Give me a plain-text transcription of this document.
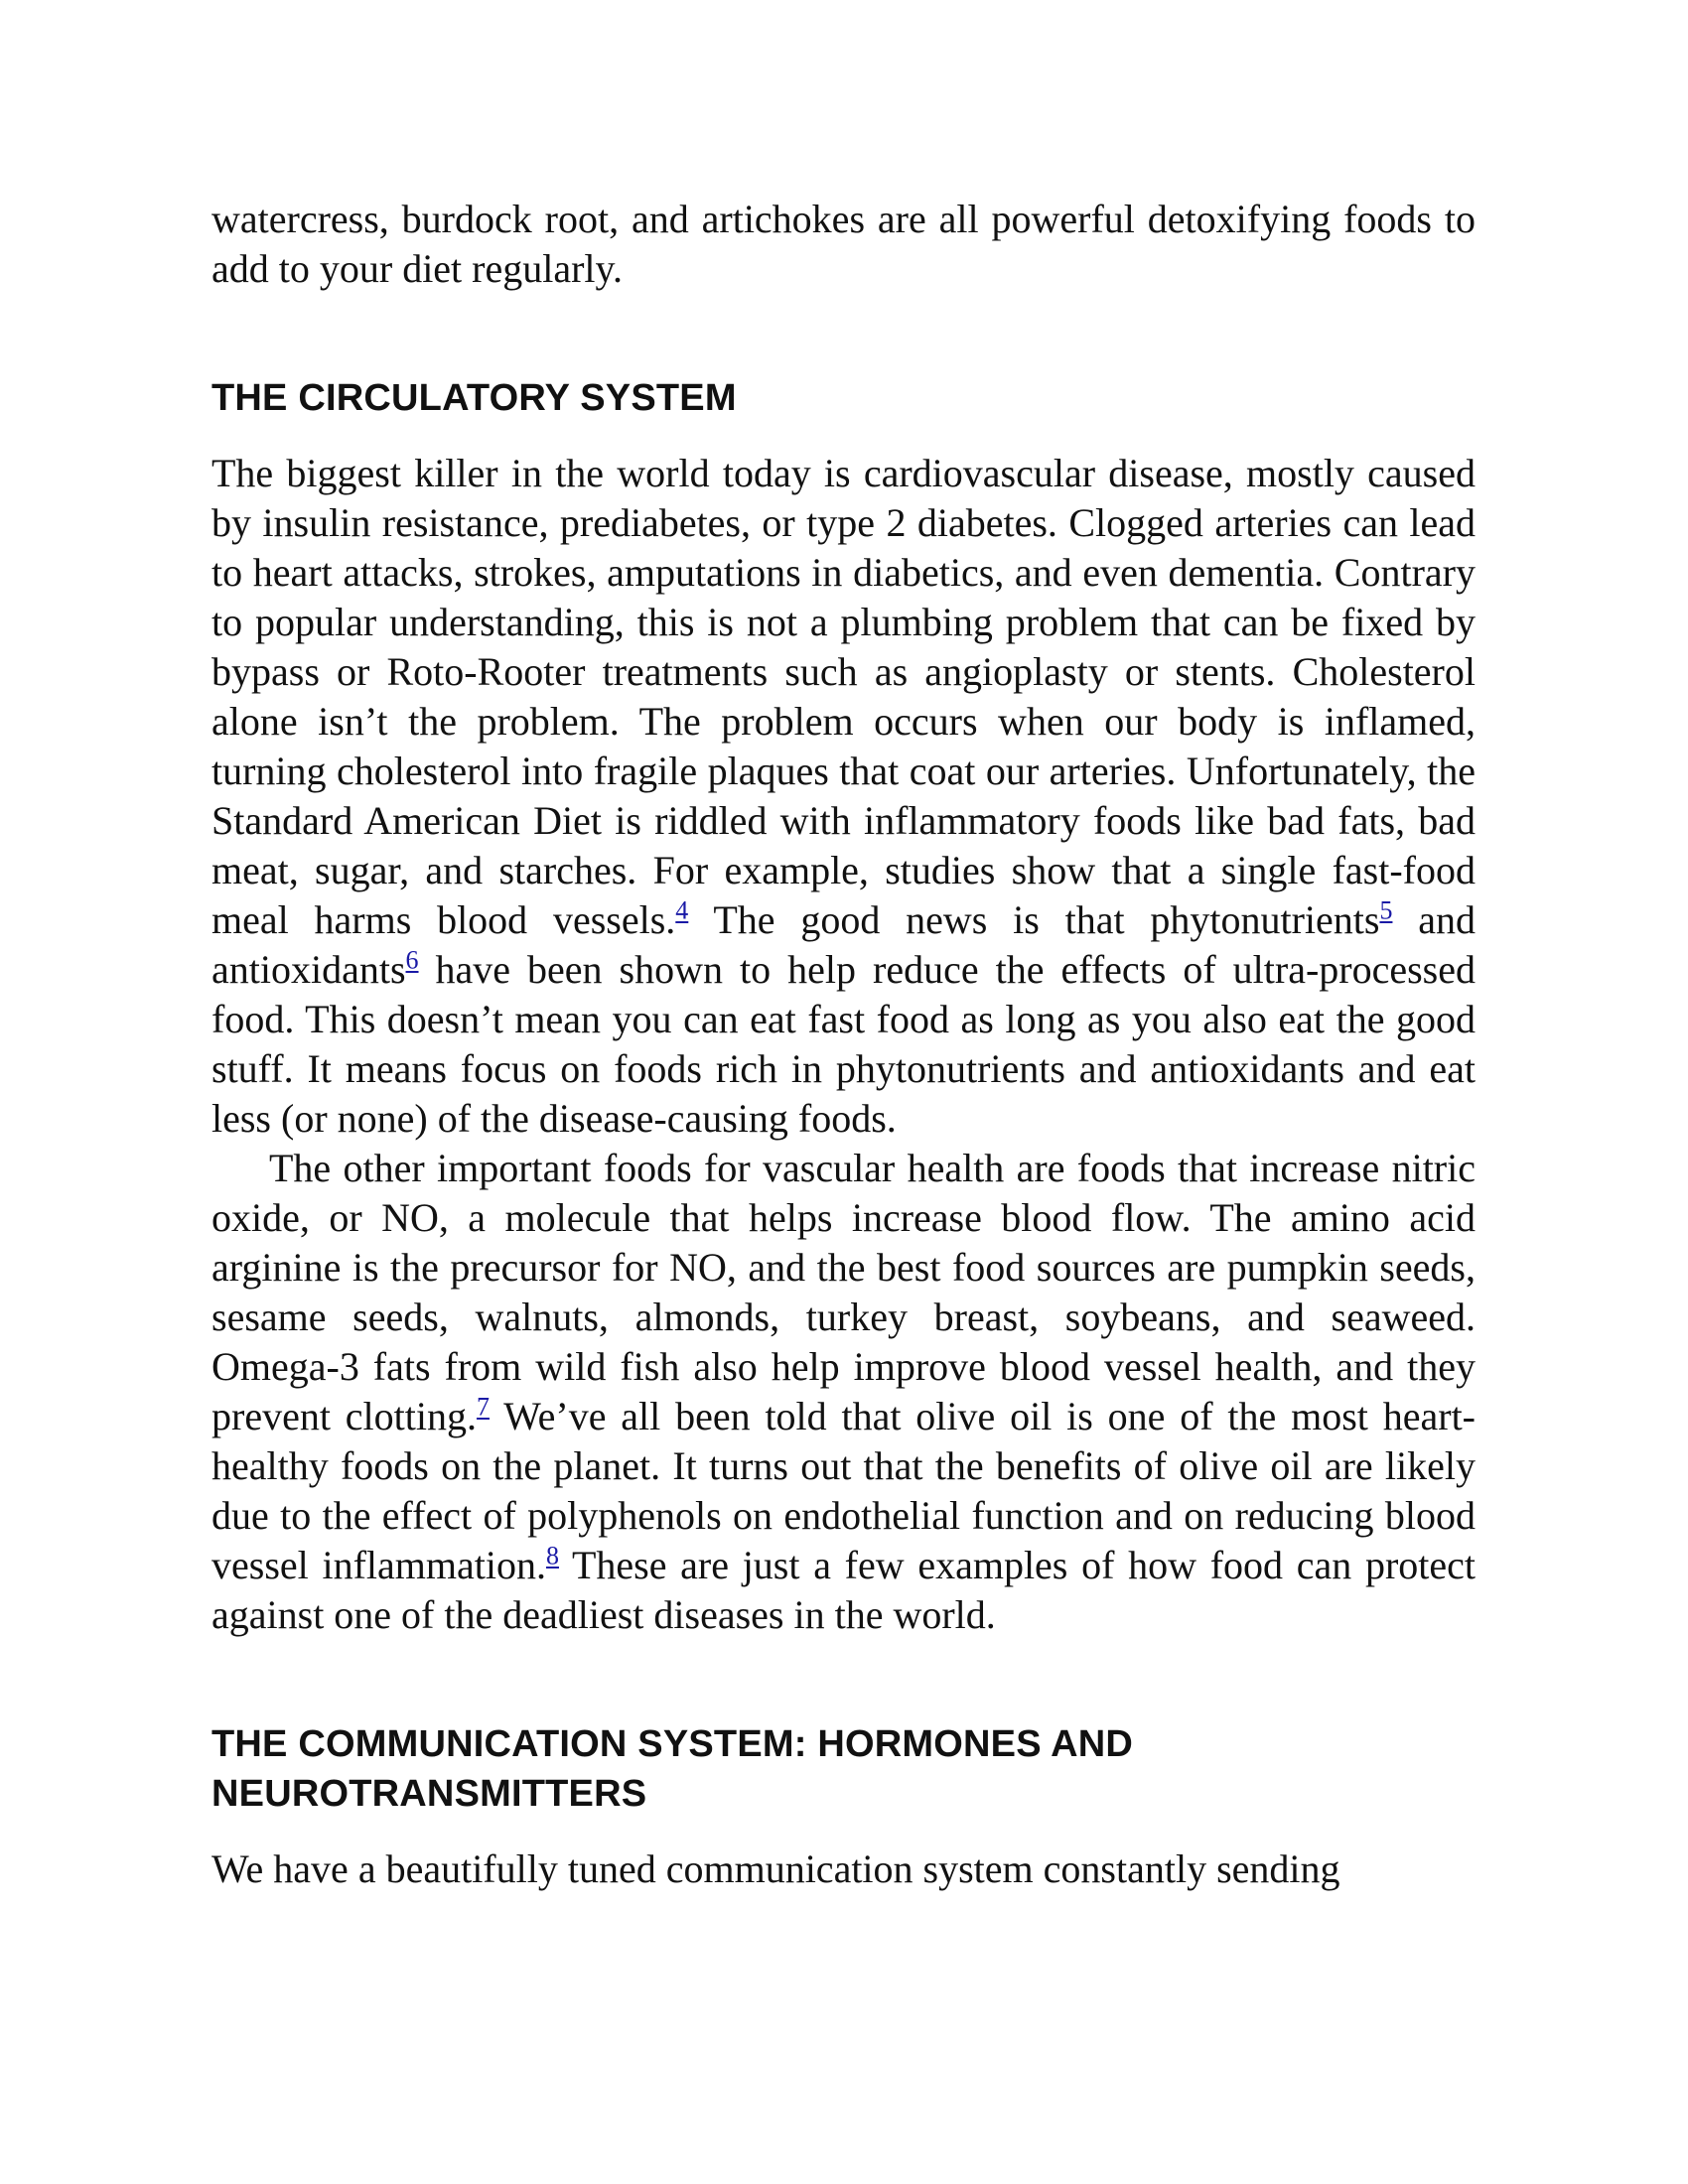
watercress, burdock root, and artichokes are all powerful detoxifying foods to add to your diet regularly.

THE CIRCULATORY SYSTEM

The biggest killer in the world today is cardiovascular disease, mostly caused by insulin resistance, prediabetes, or type 2 diabetes. Clogged arteries can lead to heart attacks, strokes, amputations in diabetics, and even dementia. Contrary to popular understanding, this is not a plumbing problem that can be fixed by bypass or Roto-Rooter treatments such as angioplasty or stents. Cholesterol alone isn’t the problem. The problem occurs when our body is inflamed, turning cholesterol into fragile plaques that coat our arteries. Unfortunately, the Standard American Diet is riddled with inflammatory foods like bad fats, bad meat, sugar, and starches. For example, studies show that a single fast-food meal harms blood vessels.$^4$ The good news is that phytonutrients$^5$ and antioxidants$^6$ have been shown to help reduce the effects of ultra-processed food. This doesn’t mean you can eat fast food as long as you also eat the good stuff. It means focus on foods rich in phytonutrients and antioxidants and eat less (or none) of the disease-causing foods.

The other important foods for vascular health are foods that increase nitric oxide, or NO, a molecule that helps increase blood flow. The amino acid arginine is the precursor for NO, and the best food sources are pumpkin seeds, sesame seeds, walnuts, almonds, turkey breast, soybeans, and seaweed. Omega-3 fats from wild fish also help improve blood vessel health, and they prevent clotting.$^7$ We’ve all been told that olive oil is one of the most heart-healthy foods on the planet. It turns out that the benefits of olive oil are likely due to the effect of polyphenols on endothelial function and on reducing blood vessel inflammation.$^8$ These are just a few examples of how food can protect against one of the deadliest diseases in the world.

THE COMMUNICATION SYSTEM: HORMONES AND NEUROTRANSMITTERS

We have a beautifully tuned communication system constantly sending
